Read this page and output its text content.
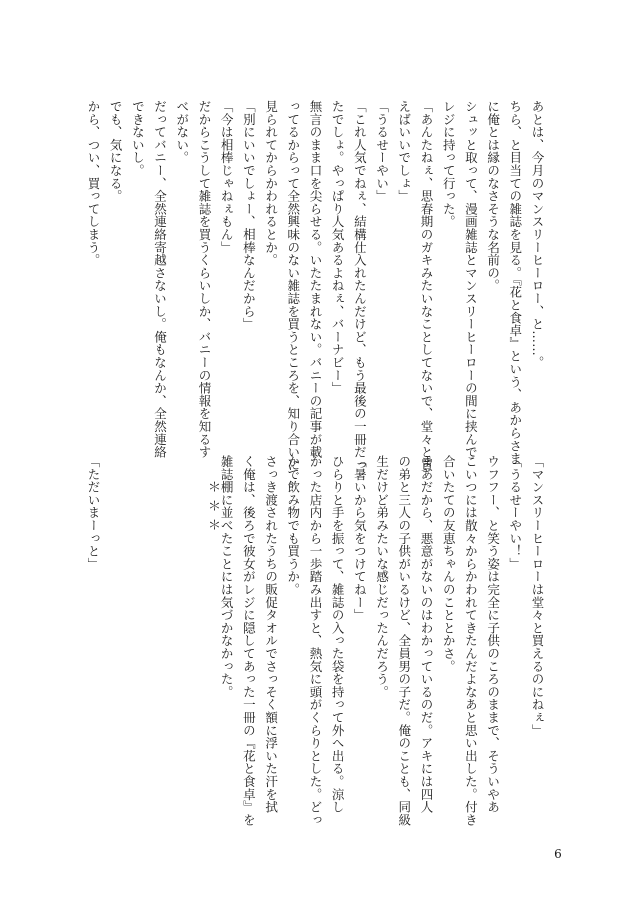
あとは、今月のマンスリーヒーロー、と……。

ちら、と目当ての雑誌を見る。『花と食卓』という、あからさま

に俺とは縁のなさそうな名前の。

シュッと取って、漫画雑誌とマンスリーヒーローの間に挟んで

レジに持って行った。

「あんたねぇ、思春期のガキみたいなことしてないで、堂々と買

えばいいでしょ」

「うるせーやい」

「これ人気でねぇ、結構仕入れたんだけど、もう最後の一冊だっ

たでしょ。やっぱり人気あるよねぇ、バーナビー」

無言のまま口を尖らせる。いたたまれない。バニーの記事が載

ってるからって全然興味のない雑誌を買うところを、知り合いに

見られてからかわれるとか。

「別にいいでしょー、相棒なんだから」

「今は相棒じゃねぇもん」

だからこうして雑誌を買うくらいしか、バニーの情報を知るす

べがない。

だってバニー、全然連絡寄越さないし。俺もなんか、全然連絡

できないし。

でも、気になる。

から、つい、買ってしまう。

「マンスリーヒーローは堂々と買えるのにねぇ」

「うるせーやい！」

ウフフー、と笑う姿は完全に子供のころのままで、そういやあ

こいつには散々からかわれてきたんだよなあと思い出した。付き

合いたての友恵ちゃんのこととかさ。

まあだから、悪意がないのはわかっているのだ。アキには四人

の弟と三人の子供がいるけど、全員男の子だ。俺のことも、同級

生だけど弟みたいな感じだったんだろう。

「暑いから気をつけてねー」

ひらりと手を振って、雑誌の入った袋を持って外へ出る。涼し

かった店内から一歩踏み出すと、熱気に頭がくらりとした。どっ

かで飲み物でも買うか。

さっき渡されたうちの販促タオルでさっそく額に浮いた汗を拭

く俺は、後ろで彼女がレジに隠してあった一冊の『花と食卓』を

雑誌棚に並べたことには気づかなかった。

「ただいまーっと」	＊＊＊
6
